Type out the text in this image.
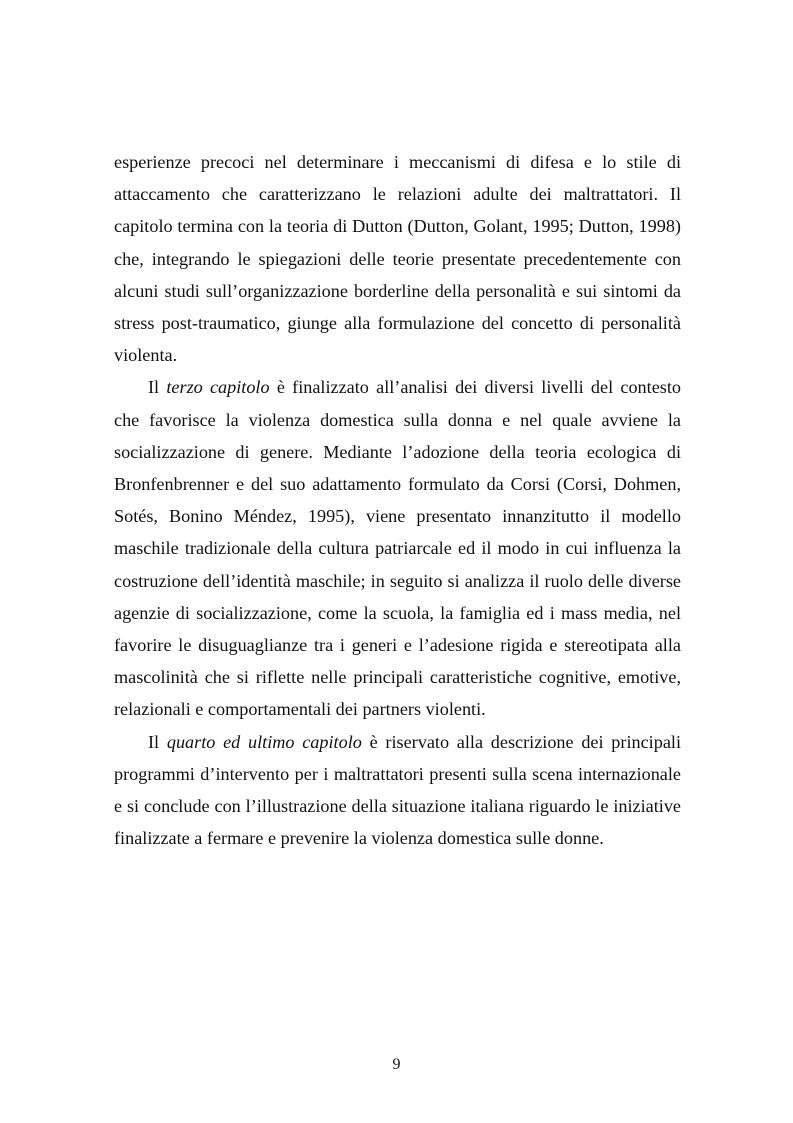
esperienze precoci nel determinare i meccanismi di difesa e lo stile di attaccamento che caratterizzano le relazioni adulte dei maltrattatori. Il capitolo termina con la teoria di Dutton (Dutton, Golant, 1995; Dutton, 1998) che, integrando le spiegazioni delle teorie presentate precedentemente con alcuni studi sull’organizzazione borderline della personalità e sui sintomi da stress post-traumatico, giunge alla formulazione del concetto di personalità violenta.

Il terzo capitolo è finalizzato all’analisi dei diversi livelli del contesto che favorisce la violenza domestica sulla donna e nel quale avviene la socializzazione di genere. Mediante l’adozione della teoria ecologica di Bronfenbrenner e del suo adattamento formulato da Corsi (Corsi, Dohmen, Sotés, Bonino Méndez, 1995), viene presentato innanzitutto il modello maschile tradizionale della cultura patriarcale ed il modo in cui influenza la costruzione dell’identità maschile; in seguito si analizza il ruolo delle diverse agenzie di socializzazione, come la scuola, la famiglia ed i mass media, nel favorire le disuguaglianze tra i generi e l’adesione rigida e stereotipata alla mascolinità che si riflette nelle principali caratteristiche cognitive, emotive, relazionali e comportamentali dei partners violenti.

Il quarto ed ultimo capitolo è riservato alla descrizione dei principali programmi d’intervento per i maltrattatori presenti sulla scena internazionale e si conclude con l’illustrazione della situazione italiana riguardo le iniziative finalizzate a fermare e prevenire la violenza domestica sulle donne.

9
